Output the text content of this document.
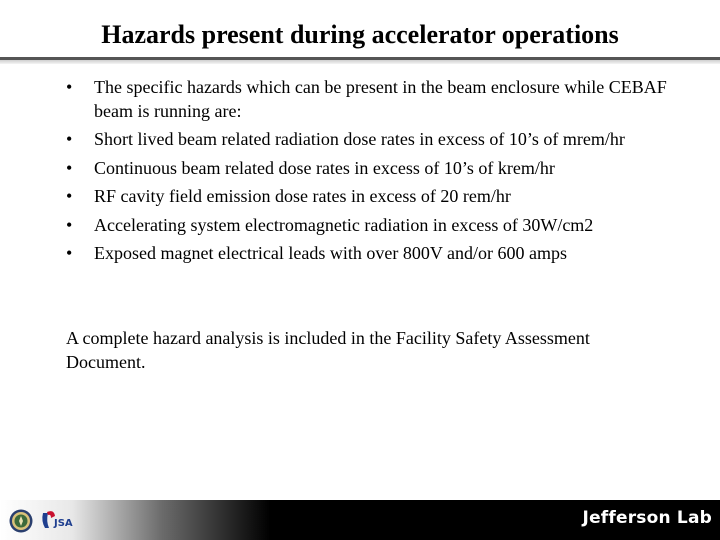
Hazards present during accelerator operations
• The specific hazards which can be present in the beam enclosure while CEBAF beam is running are:
• Short lived beam related radiation dose rates in excess of 10’s of mrem/hr
• Continuous beam related dose rates in excess of 10’s of krem/hr
• RF cavity field emission dose rates in excess of 20 rem/hr
• Accelerating system electromagnetic radiation in excess of 30W/cm2
• Exposed magnet electrical leads with over 800V and/or 600 amps

A complete hazard analysis is included in the Facility Safety Assessment Document.

JSA	Jefferson Lab
